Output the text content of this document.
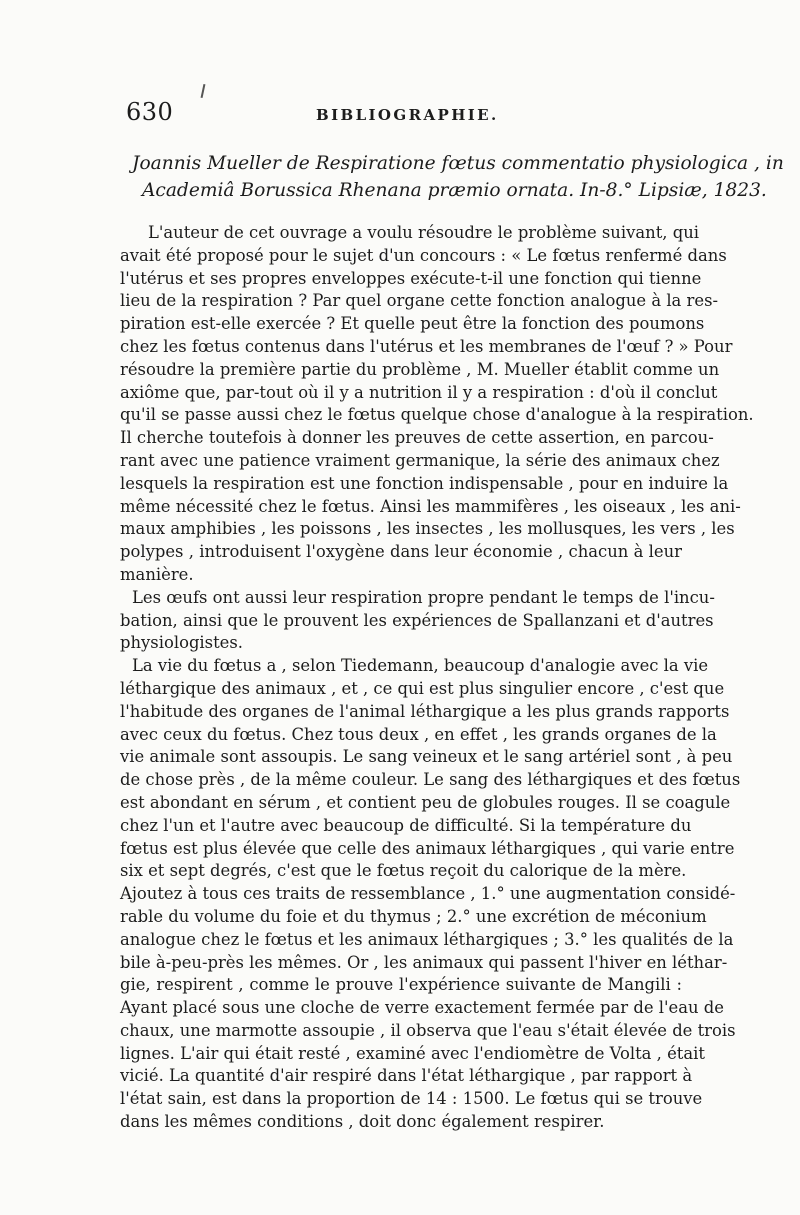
630	BIBLIOGRAPHIE.
Joannis Mueller de Respiratione fœtus commentatio physiologica , in
Academiâ Borussica Rhenana præmio ornata. In-8.° Lipsiæ, 1823.
L'auteur de cet ouvrage a voulu résoudre le problème suivant, qui
avait été proposé pour le sujet d'un concours : « Le fœtus renfermé dans
l'utérus et ses propres enveloppes exécute-t-il une fonction qui tienne
lieu de la respiration ? Par quel organe cette fonction analogue à la res-
piration est-elle exercée ? Et quelle peut être la fonction des poumons
chez les fœtus contenus dans l'utérus et les membranes de l'œuf ? » Pour
résoudre la première partie du problème , M. Mueller établit comme un
axiôme que, par-tout où il y a nutrition il y a respiration : d'où il conclut
qu'il se passe aussi chez le fœtus quelque chose d'analogue à la respiration.
Il cherche toutefois à donner les preuves de cette assertion, en parcou-
rant avec une patience vraiment germanique, la série des animaux chez
lesquels la respiration est une fonction indispensable , pour en induire la
même nécessité chez le fœtus. Ainsi les mammifères , les oiseaux , les ani-
maux amphibies , les poissons , les insectes , les mollusques, les vers , les
polypes , introduisent l'oxygène dans leur économie , chacun à leur
manière.
Les œufs ont aussi leur respiration propre pendant le temps de l'incu-
bation, ainsi que le prouvent les expériences de Spallanzani et d'autres
physiologistes.
La vie du fœtus a , selon Tiedemann, beaucoup d'analogie avec la vie
léthargique des animaux , et , ce qui est plus singulier encore , c'est que
l'habitude des organes de l'animal léthargique a les plus grands rapports
avec ceux du fœtus. Chez tous deux , en effet , les grands organes de la
vie animale sont assoupis. Le sang veineux et le sang artériel sont , à peu
de chose près , de la même couleur. Le sang des léthargiques et des fœtus
est abondant en sérum , et contient peu de globules rouges. Il se coagule
chez l'un et l'autre avec beaucoup de difficulté. Si la température du
fœtus est plus élevée que celle des animaux léthargiques , qui varie entre
six et sept degrés, c'est que le fœtus reçoit du calorique de la mère.
Ajoutez à tous ces traits de ressemblance , 1.° une augmentation considé-
rable du volume du foie et du thymus ; 2.° une excrétion de méconium
analogue chez le fœtus et les animaux léthargiques ; 3.° les qualités de la
bile à-peu-près les mêmes. Or , les animaux qui passent l'hiver en léthar-
gie, respirent , comme le prouve l'expérience suivante de Mangili :
Ayant placé sous une cloche de verre exactement fermée par de l'eau de
chaux, une marmotte assoupie , il observa que l'eau s'était élevée de trois
lignes. L'air qui était resté , examiné avec l'endiomètre de Volta , était
vicié. La quantité d'air respiré dans l'état léthargique , par rapport à
l'état sain, est dans la proportion de 14 : 1500. Le fœtus qui se trouve
dans les mêmes conditions , doit donc également respirer.
